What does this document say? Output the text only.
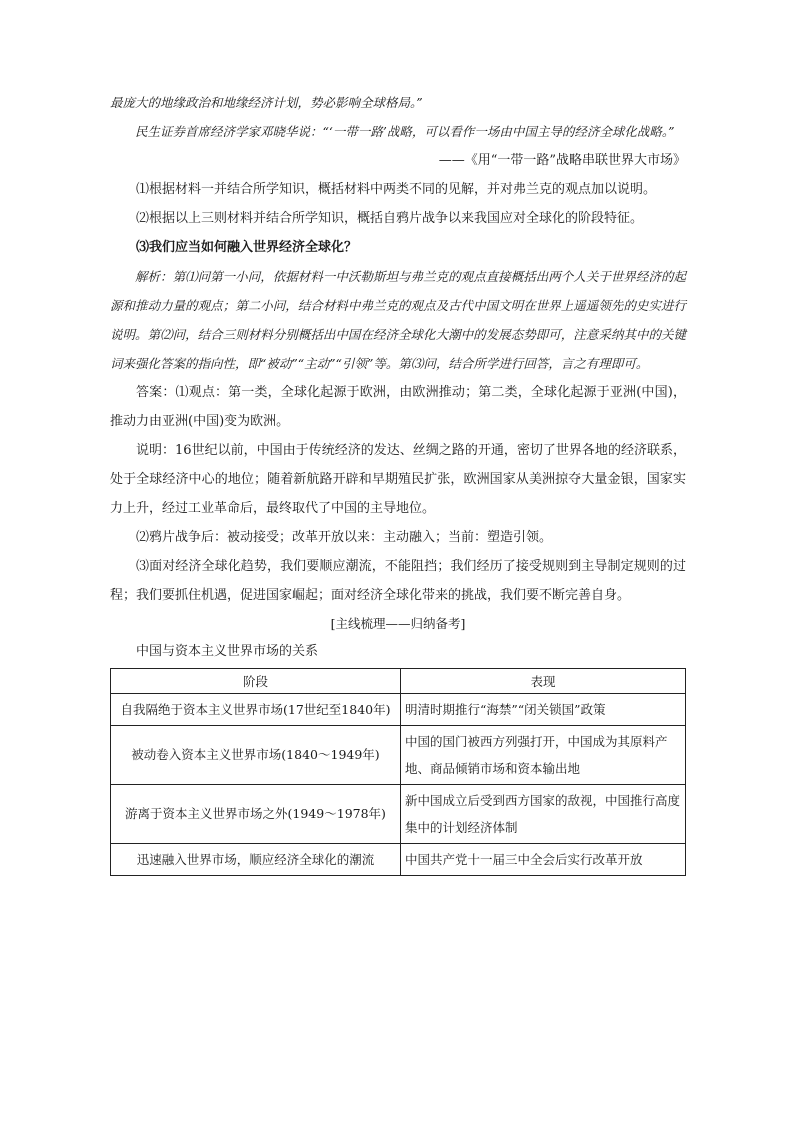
最庞大的地缘政治和地缘经济计划，势必影响全球格局。”

民生证券首席经济学家邓晓华说：“‘一带一路’战略，可以看作一场由中国主导的经济全球化战略。”

——《用“一带一路”战略串联世界大市场》

⑴根据材料一并结合所学知识，概括材料中两类不同的见解，并对弗兰克的观点加以说明。

⑵根据以上三则材料并结合所学知识，概括自鸦片战争以来我国应对全球化的阶段特征。

⑶我们应当如何融入世界经济全球化？

解析：第⑴问第一小问，依据材料一中沃勒斯坦与弗兰克的观点直接概括出两个人关于世界经济的起源和推动力量的观点；第二小问，结合材料中弗兰克的观点及古代中国文明在世界上遥遥领先的史实进行说明。第⑵问，结合三则材料分别概括出中国在经济全球化大潮中的发展态势即可，注意采纳其中的关键词来强化答案的指向性，即“被动”“主动”“引领”等。第⑶问，结合所学进行回答，言之有理即可。

答案：⑴观点：第一类，全球化起源于欧洲，由欧洲推动；第二类，全球化起源于亚洲(中国)，推动力由亚洲(中国)变为欧洲。

说明：16世纪以前，中国由于传统经济的发达、丝绸之路的开通，密切了世界各地的经济联系，处于全球经济中心的地位；随着新航路开辟和早期殖民扩张，欧洲国家从美洲掠夺大量金银，国家实力上升，经过工业革命后，最终取代了中国的主导地位。

⑵鸦片战争后：被动接受；改革开放以来：主动融入；当前：塑造引领。

⑶面对经济全球化趋势，我们要顺应潮流，不能阻挡；我们经历了接受规则到主导制定规则的过程；我们要抓住机遇，促进国家崛起；面对经济全球化带来的挑战，我们要不断完善自身。

[主线梳理——归纳备考]

中国与资本主义世界市场的关系

阶段	表现
自我隔绝于资本主义世界市场(17世纪至1840年)	明清时期推行“海禁”“闭关锁国”政策
被动卷入资本主义世界市场(1840～1949年)	中国的国门被西方列强打开，中国成为其原料产地、商品倾销市场和资本输出地
游离于资本主义世界市场之外(1949～1978年)	新中国成立后受到西方国家的敌视，中国推行高度集中的计划经济体制
迅速融入世界市场，顺应经济全球化的潮流	中国共产党十一届三中全会后实行改革开放
